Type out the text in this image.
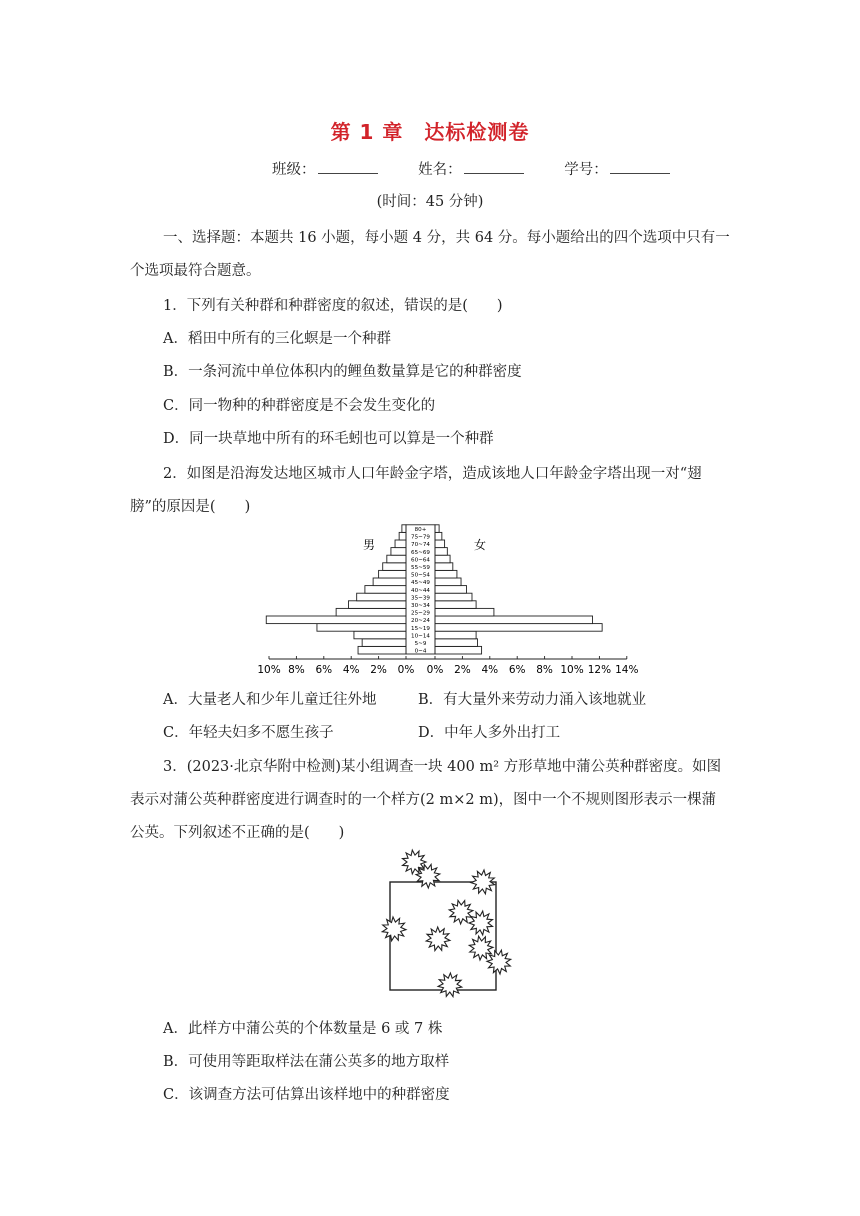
第 1 章　达标检测卷
班级：	姓名：	学号：
(时间：45 分钟)
一、选择题：本题共 16 小题，每小题 4 分，共 64 分。每小题给出的四个选项中只有一
个选项最符合题意。
1．下列有关种群和种群密度的叙述，错误的是(　　)
A．稻田中所有的三化螟是一个种群
B．一条河流中单位体积内的鲤鱼数量算是它的种群密度
C．同一物种的种群密度是不会发生变化的
D．同一块草地中所有的环毛蚓也可以算是一个种群
2．如图是沿海发达地区城市人口年龄金字塔，造成该地人口年龄金字塔出现一对“翅
膀”的原因是(　　)
男	女
0~4
5~9
10~14
15~19
20~24
25~29
30~34
35~39
40~44
45~49
50~54
55~59
60~64
65~69
70~74
75~79
80+
10% 8% 6% 4% 2% 0% 0% 2% 4% 6% 8% 10% 12% 14%
A．大量老人和少年儿童迁往外地	B．有大量外来劳动力涌入该地就业
C．年轻夫妇多不愿生孩子	D．中年人多外出打工
3．(2023·北京华附中检测)某小组调查一块 400 m² 方形草地中蒲公英种群密度。如图
表示对蒲公英种群密度进行调查时的一个样方(2 m×2 m)，图中一个不规则图形表示一棵蒲
公英。下列叙述不正确的是(　　)
A．此样方中蒲公英的个体数量是 6 或 7 株
B．可使用等距取样法在蒲公英多的地方取样
C．该调查方法可估算出该样地中的种群密度
